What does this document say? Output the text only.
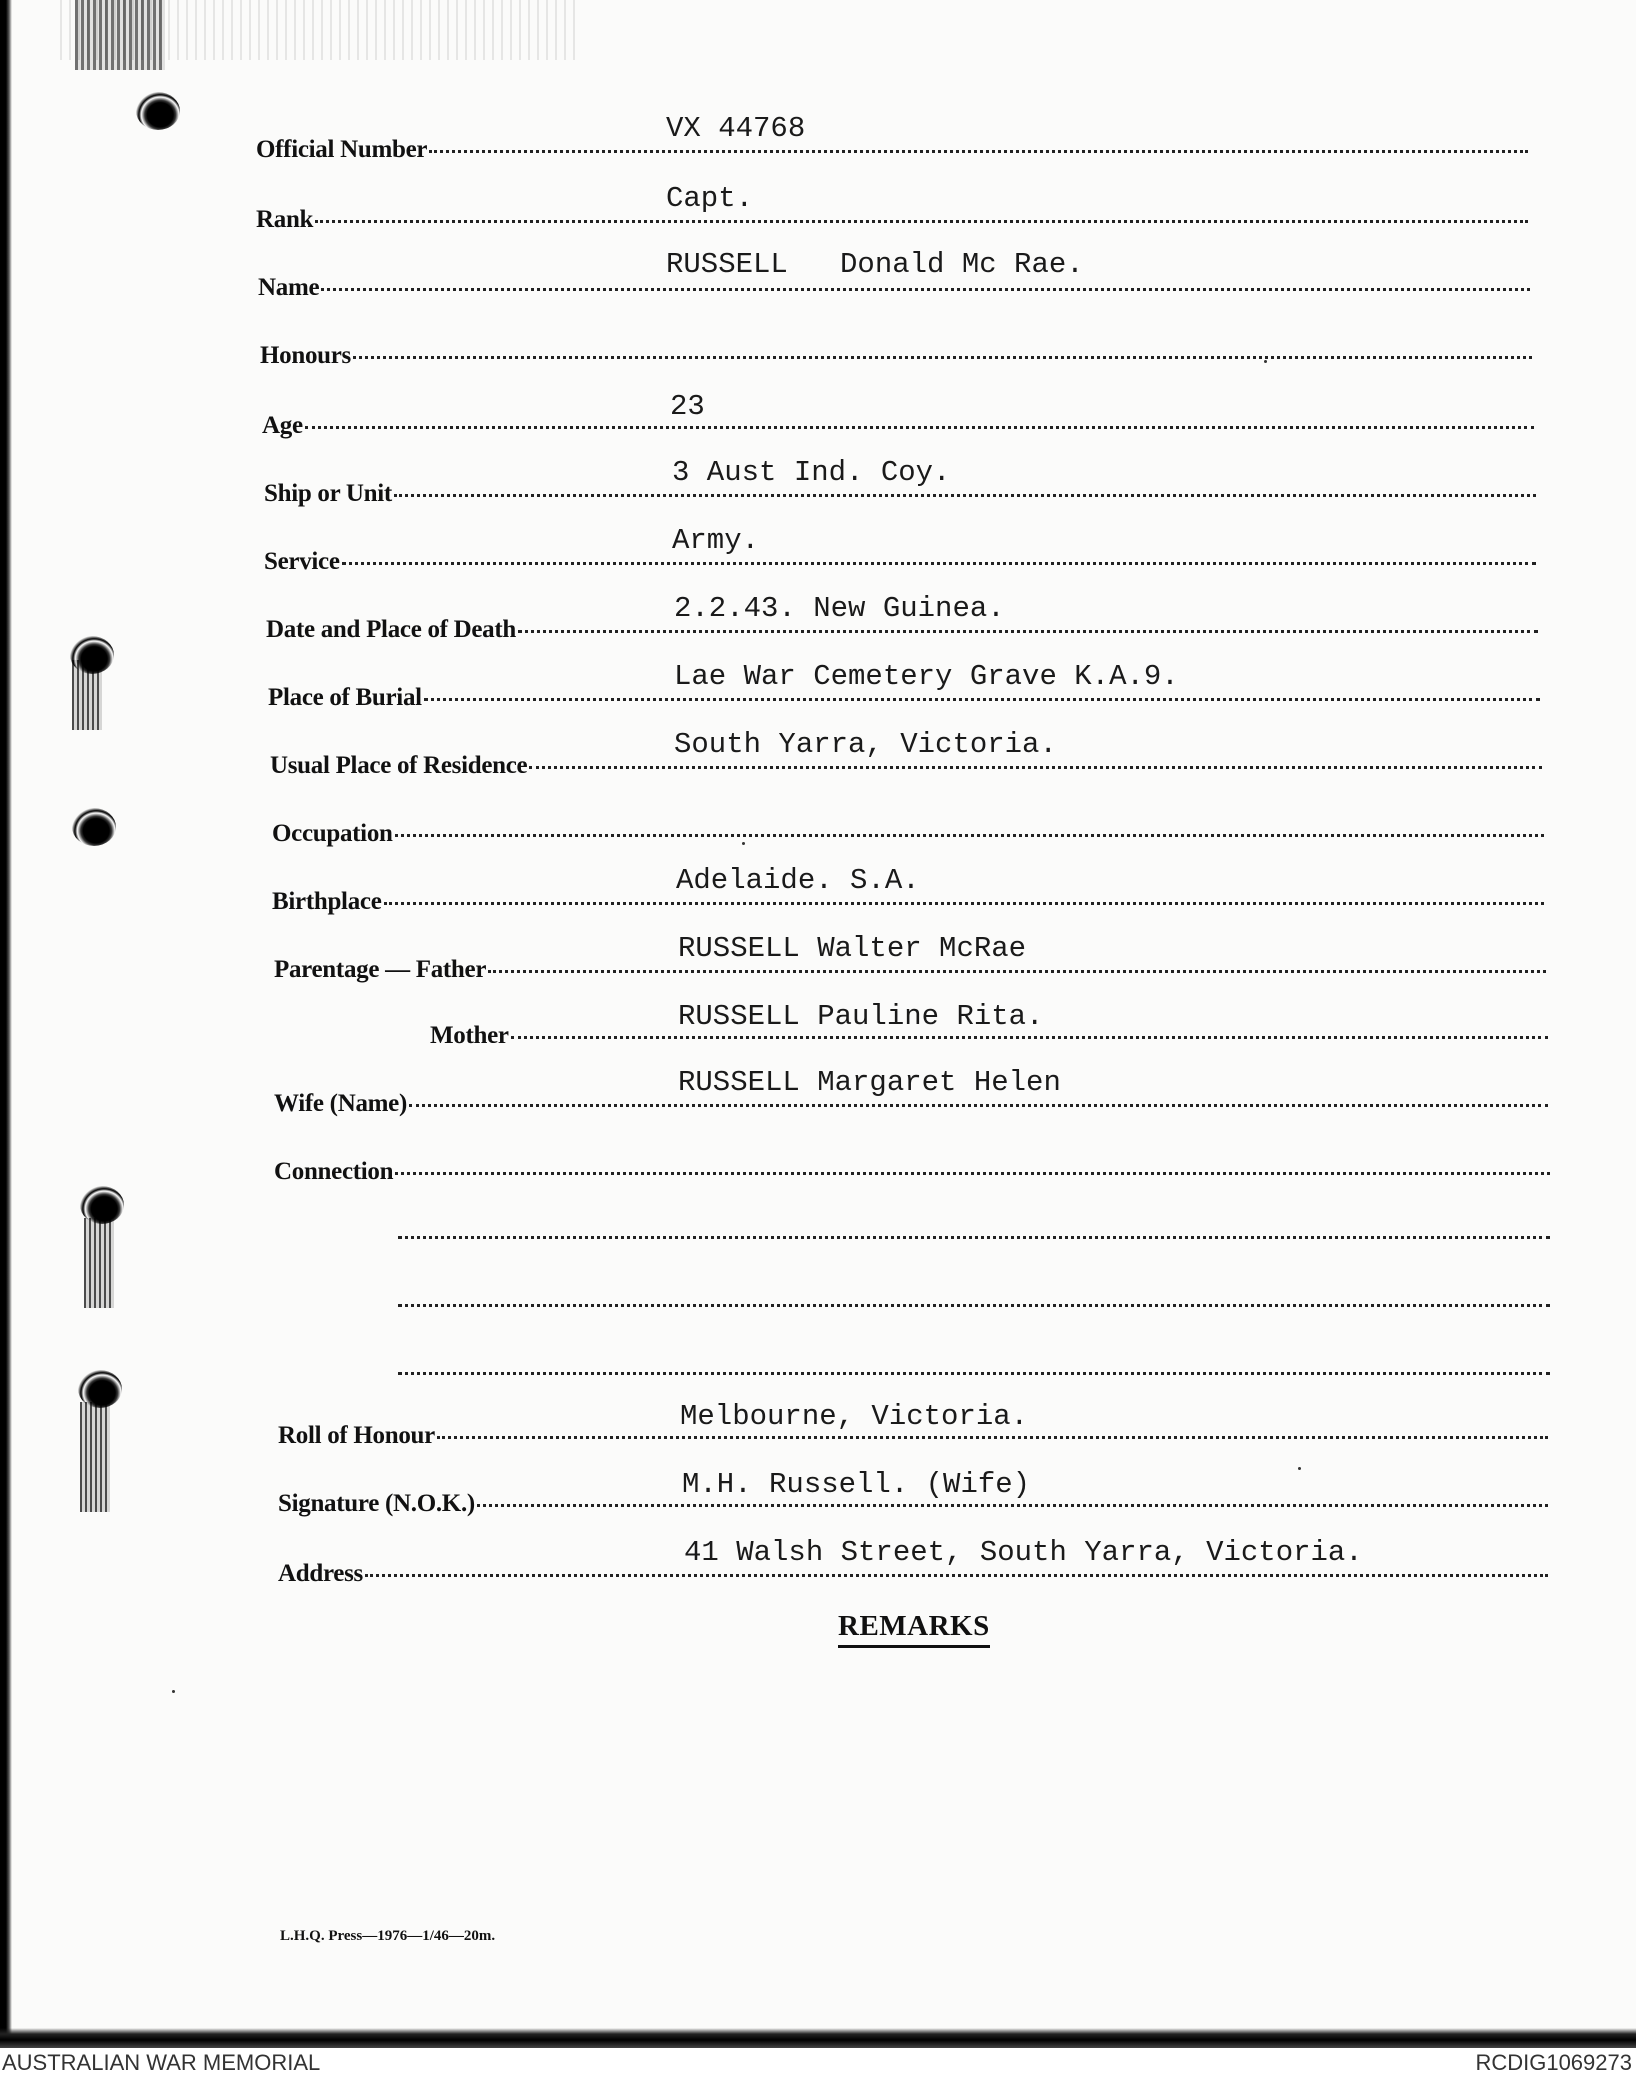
Official Number
VX 44768
Rank
Capt.
Name
RUSSELL   Donald Mc Rae.
Honours
Age
23
Ship or Unit
3 Aust Ind. Coy.
Service
Army.
Date and Place of Death
2.2.43. New Guinea.
Place of Burial
Lae War Cemetery Grave K.A.9.
Usual Place of Residence
South Yarra, Victoria.
Occupation
Birthplace
Adelaide. S.A.
Parentage — Father
RUSSELL Walter McRae
Mother
RUSSELL Pauline Rita.
Wife (Name)
RUSSELL Margaret Helen
Connection
Roll of Honour
Melbourne, Victoria.
Signature (N.O.K.)
M.H. Russell. (Wife)
Address
41 Walsh Street, South Yarra, Victoria.
REMARKS
L.H.Q. Press—1976—1/46—20m.
AUSTRALIAN WAR MEMORIAL	RCDIG1069273
